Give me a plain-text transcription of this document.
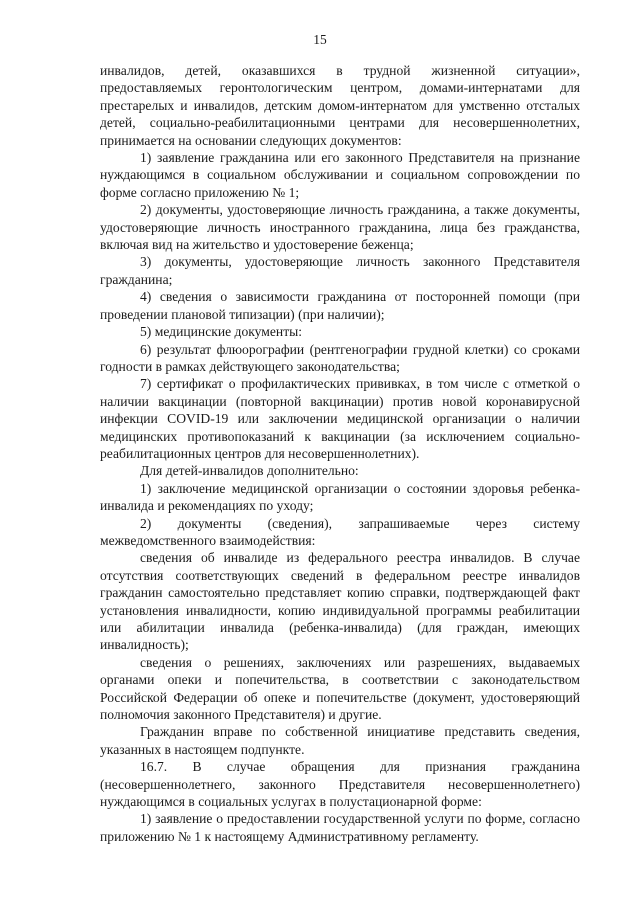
15

инвалидов, детей, оказавшихся в трудной жизненной ситуации», предоставляемых геронтологическим центром, домами-интернатами для престарелых и инвалидов, детским домом-интернатом для умственно отсталых детей, социально-реабилитационными центрами для несовершеннолетних, принимается на основании следующих документов:

1) заявление гражданина или его законного Представителя на признание нуждающимся в социальном обслуживании и социальном сопровождении по форме согласно приложению № 1;

2) документы, удостоверяющие личность гражданина, а также документы, удостоверяющие личность иностранного гражданина, лица без гражданства, включая вид на жительство и удостоверение беженца;

3) документы, удостоверяющие личность законного Представителя гражданина;

4) сведения о зависимости гражданина от посторонней помощи (при проведении плановой типизации) (при наличии);

5) медицинские документы:

6) результат флюорографии (рентгенографии грудной клетки) со сроками годности в рамках действующего законодательства;

7) сертификат о профилактических прививках, в том числе с отметкой о наличии вакцинации (повторной вакцинации) против новой коронавирусной инфекции COVID-19 или заключении медицинской организации о наличии медицинских противопоказаний к вакцинации (за исключением социально-реабилитационных центров для несовершеннолетних).

Для детей-инвалидов дополнительно:

1) заключение медицинской организации о состоянии здоровья ребенка-инвалида и рекомендациях по уходу;

2) документы (сведения), запрашиваемые через систему межведомственного взаимодействия:

сведения об инвалиде из федерального реестра инвалидов. В случае отсутствия соответствующих сведений в федеральном реестре инвалидов гражданин самостоятельно представляет копию справки, подтверждающей факт установления инвалидности, копию индивидуальной программы реабилитации или абилитации инвалида (ребенка-инвалида) (для граждан, имеющих инвалидность);

сведения о решениях, заключениях или разрешениях, выдаваемых органами опеки и попечительства, в соответствии с законодательством Российской Федерации об опеке и попечительстве (документ, удостоверяющий полномочия законного Представителя) и другие.

Гражданин вправе по собственной инициативе представить сведения, указанных в настоящем подпункте.

16.7. В случае обращения для признания гражданина (несовершеннолетнего, законного Представителя несовершеннолетнего) нуждающимся в социальных услугах в полустационарной форме:

1) заявление о предоставлении государственной услуги по форме, согласно приложению № 1 к настоящему Административному регламенту.
